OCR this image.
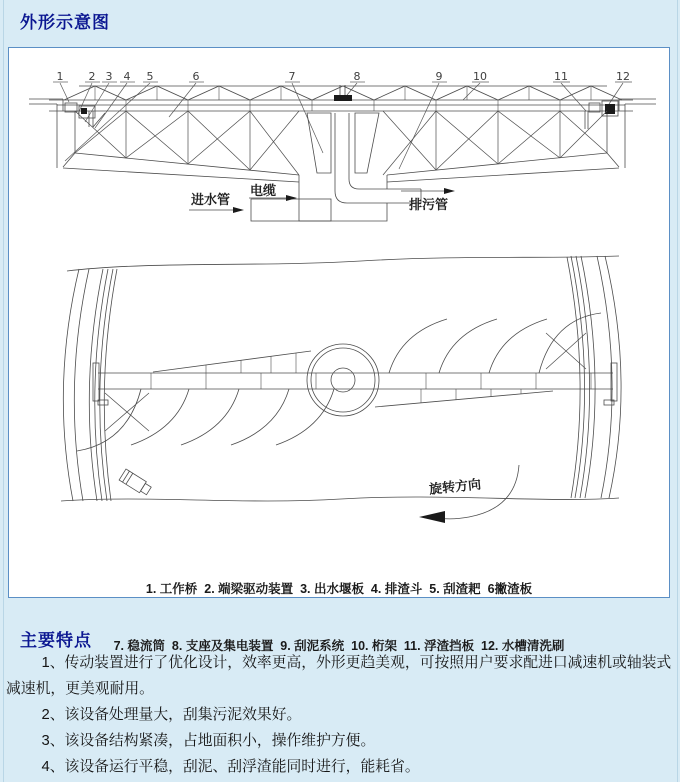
外形示意图
1 2 3 4 5	6	7	8	9	10	11	12
进水管
电缆
排污管
旋转方向

1. 工作桥  2. 端梁驱动装置  3. 出水堰板  4. 排渣斗  5. 刮渣耙  6撇渣板

7. 稳流筒  8. 支座及集电装置  9. 刮泥系统  10. 桁架  11. 浮渣挡板  12. 水槽清洗刷

主要特点

1、传动装置进行了优化设计，效率更高，外形更趋美观，可按照用户要求配进口减速机或轴装式减速机，更美观耐用。

2、该设备处理量大，刮集污泥效果好。

3、该设备结构紧凑，占地面积小，操作维护方便。

4、该设备运行平稳，刮泥、刮浮渣能同时进行，能耗省。
